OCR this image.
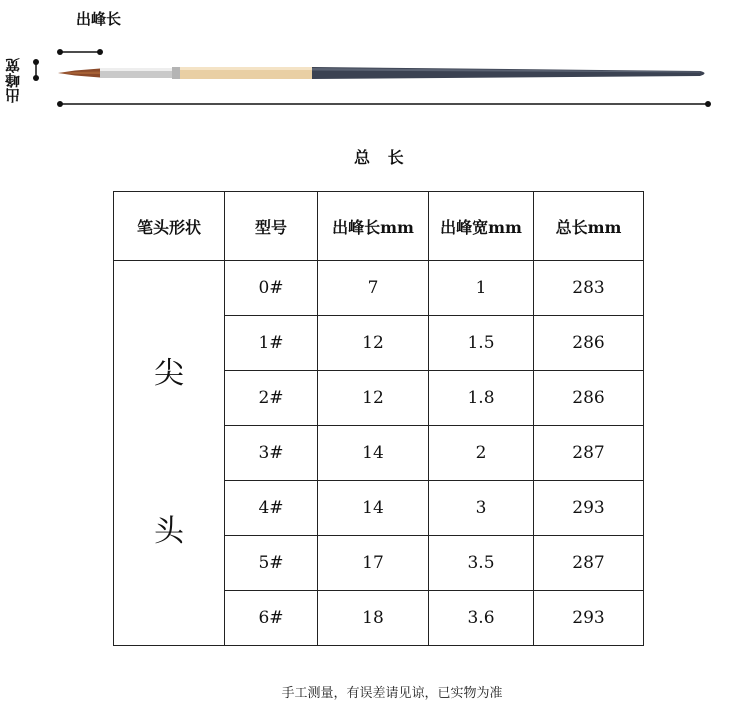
出峰长
出峰宽
总 长
笔头形状	型号	出峰长mm	出峰宽mm	总长mm

尖
头	0#	7	1	283
	1#	12	1.5	286
	2#	12	1.8	286
	3#	14	2	287
	4#	14	3	293
	5#	17	3.5	287
	6#	18	3.6	293
手工测量，有误差请见谅，已实物为准
